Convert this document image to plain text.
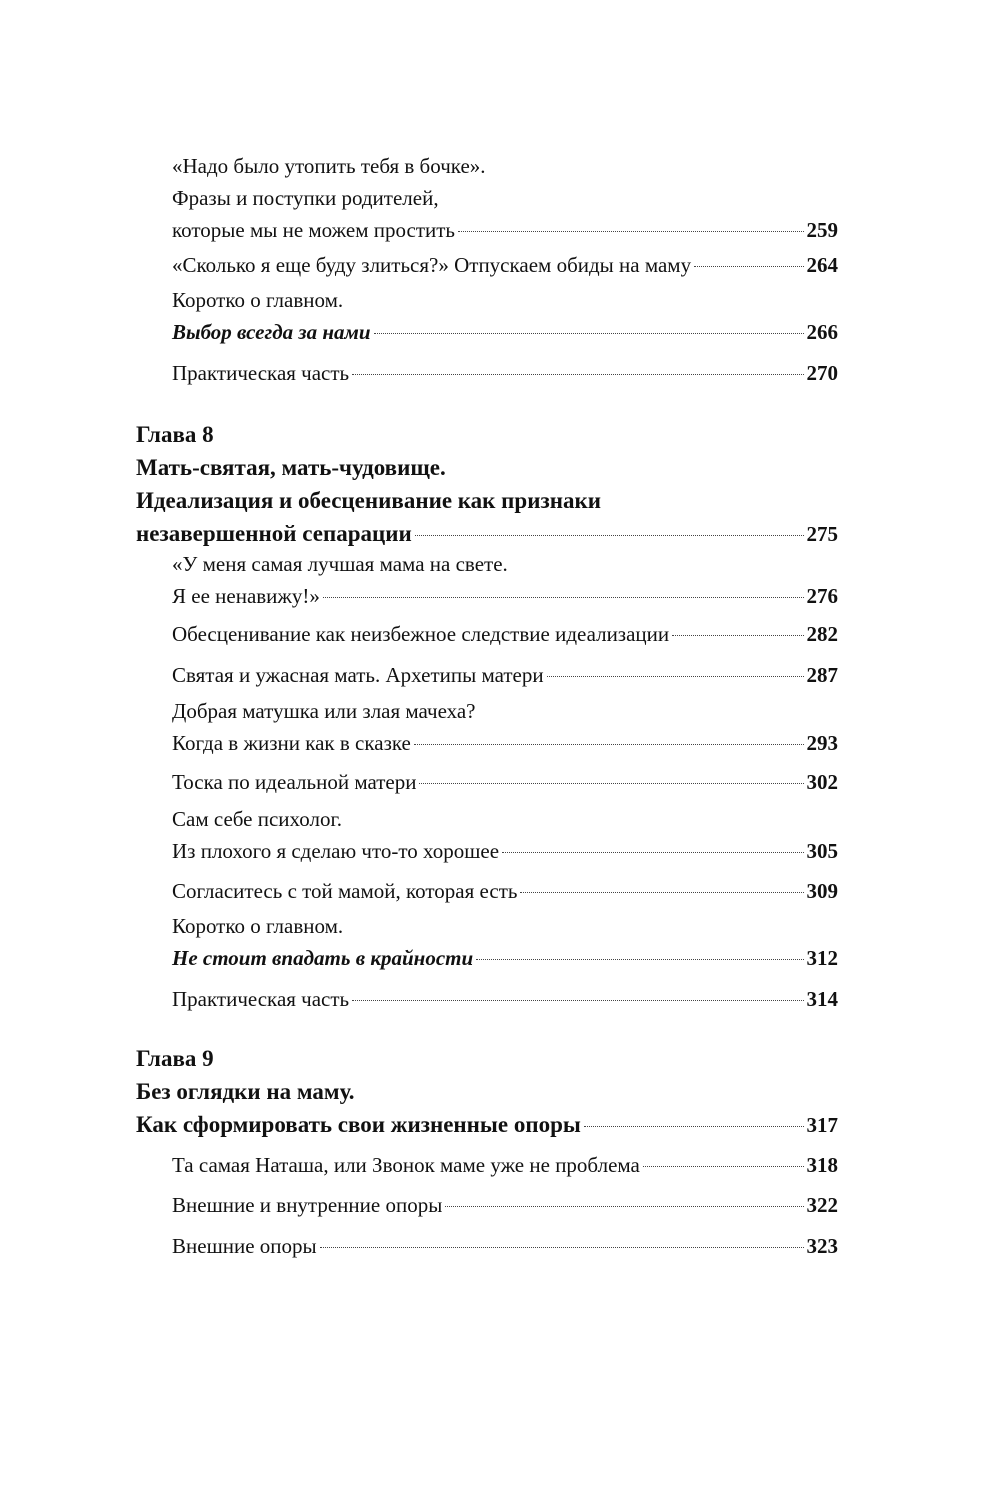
«Надо было утопить тебя в бочке».
Фразы и поступки родителей,
которые мы не можем простить	259
«Сколько я еще буду злиться?» Отпускаем обиды на маму	264
Коротко о главном.
Выбор всегда за нами	266
Практическая часть	270
Глава 8
Мать-святая, мать-чудовище.
Идеализация и обесценивание как признаки
незавершенной сепарации	275
«У меня самая лучшая мама на свете.
Я ее ненавижу!»	276
Обесценивание как неизбежное следствие идеализации	282
Святая и ужасная мать. Архетипы матери	287
Добрая матушка или злая мачеха?
Когда в жизни как в сказке	293
Тоска по идеальной матери	302
Сам себе психолог.
Из плохого я сделаю что-то хорошее	305
Согласитесь с той мамой, которая есть	309
Коротко о главном.
Не стоит впадать в крайности	312
Практическая часть	314
Глава 9
Без оглядки на маму.
Как сформировать свои жизненные опоры	317
Та самая Наташа, или Звонок маме уже не проблема	318
Внешние и внутренние опоры	322
Внешние опоры	323
